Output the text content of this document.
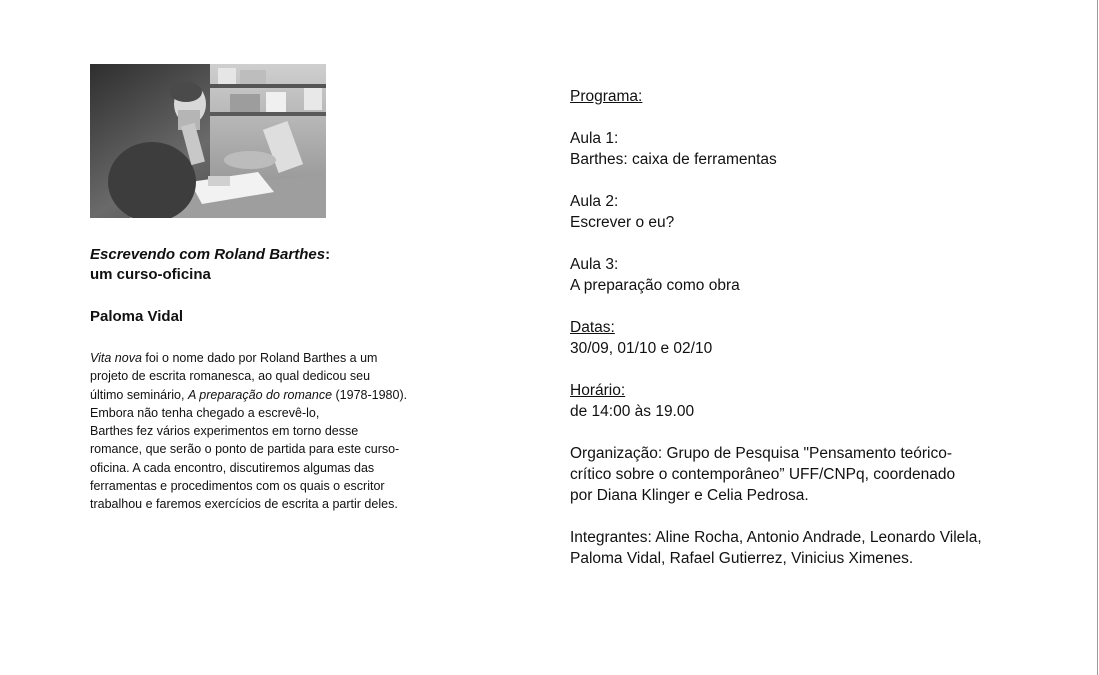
Escrevendo com Roland Barthes:
um curso-oficina
Paloma Vidal
Vita nova foi o nome dado por Roland Barthes a um
projeto de escrita romanesca, ao qual dedicou seu
último seminário, A preparação do romance (1978-1980).
Embora não tenha chegado a escrevê-lo,
Barthes fez vários experimentos em torno desse
romance, que serão o ponto de partida para este curso-
oficina. A cada encontro, discutiremos algumas das
ferramentas e procedimentos com os quais o escritor
trabalhou e faremos exercícios de escrita a partir deles.
Programa:
Aula 1:
Barthes: caixa de ferramentas
Aula 2:
Escrever o eu?
Aula 3:
A preparação como obra
Datas:
30/09, 01/10 e 02/10
Horário:
de 14:00 às 19.00
Organização: Grupo de Pesquisa "Pensamento teórico-
crítico sobre o contemporâneo” UFF/CNPq, coordenado
por Diana Klinger e Celia Pedrosa.
Integrantes: Aline Rocha, Antonio Andrade, Leonardo Vilela,
Paloma Vidal, Rafael Gutierrez, Vinicius Ximenes.
